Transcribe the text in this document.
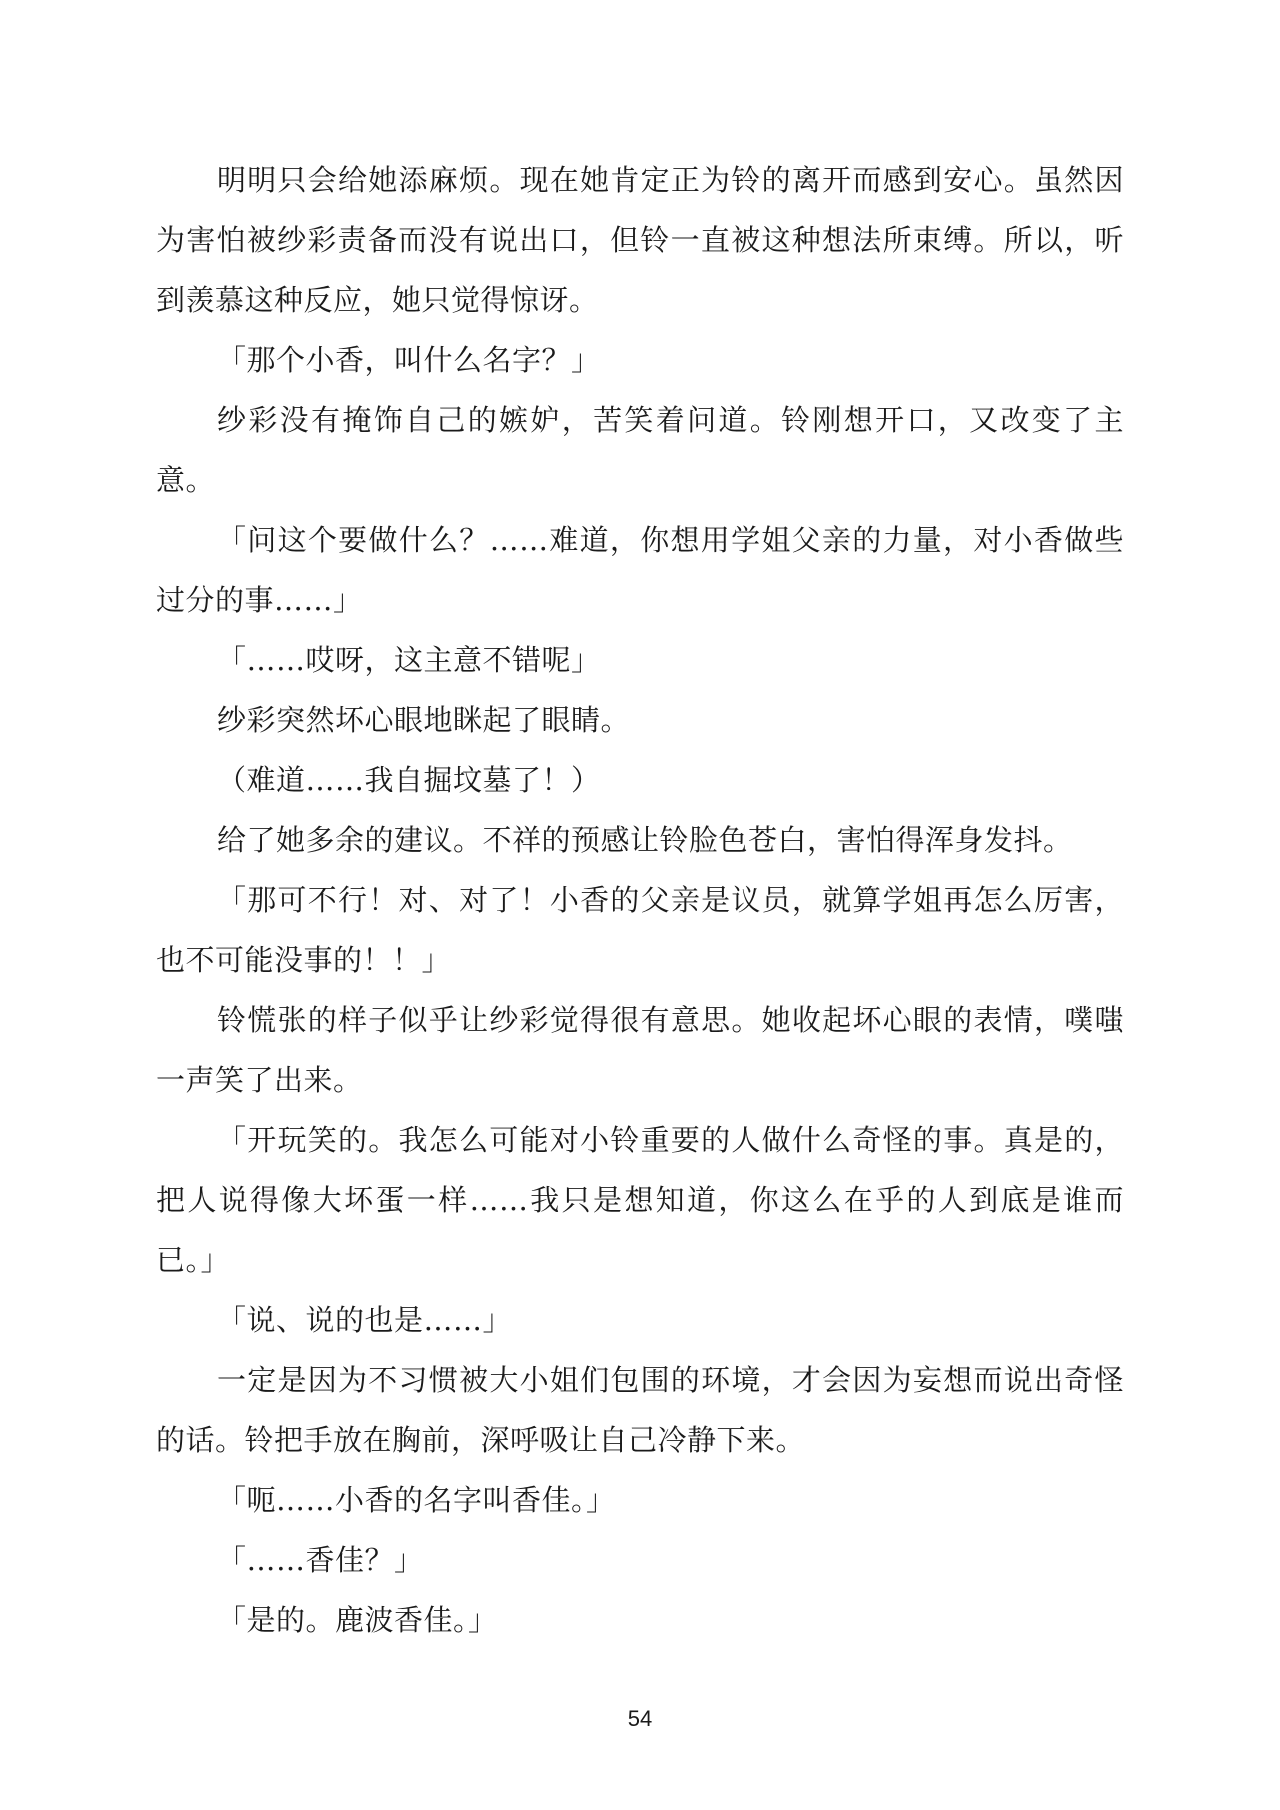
明明只会给她添麻烦。现在她肯定正为铃的离开而感到安心。虽然因为害怕被纱彩责备而没有说出口，但铃一直被这种想法所束缚。所以，听到羡慕这种反应，她只觉得惊讶。

「那个小香，叫什么名字？」

纱彩没有掩饰自己的嫉妒，苦笑着问道。铃刚想开口，又改变了主意。

「问这个要做什么？……难道，你想用学姐父亲的力量，对小香做些过分的事……」

「……哎呀，这主意不错呢」

纱彩突然坏心眼地眯起了眼睛。

（难道……我自掘坟墓了！）

给了她多余的建议。不祥的预感让铃脸色苍白，害怕得浑身发抖。

「那可不行！对、对了！小香的父亲是议员，就算学姐再怎么厉害，也不可能没事的！！」

铃慌张的样子似乎让纱彩觉得很有意思。她收起坏心眼的表情，噗嗤一声笑了出来。

「开玩笑的。我怎么可能对小铃重要的人做什么奇怪的事。真是的，把人说得像大坏蛋一样……我只是想知道，你这么在乎的人到底是谁而已。」

「说、说的也是……」

一定是因为不习惯被大小姐们包围的环境，才会因为妄想而说出奇怪的话。铃把手放在胸前，深呼吸让自己冷静下来。

「呃……小香的名字叫香佳。」

「……香佳？」

「是的。鹿波香佳。」

54
